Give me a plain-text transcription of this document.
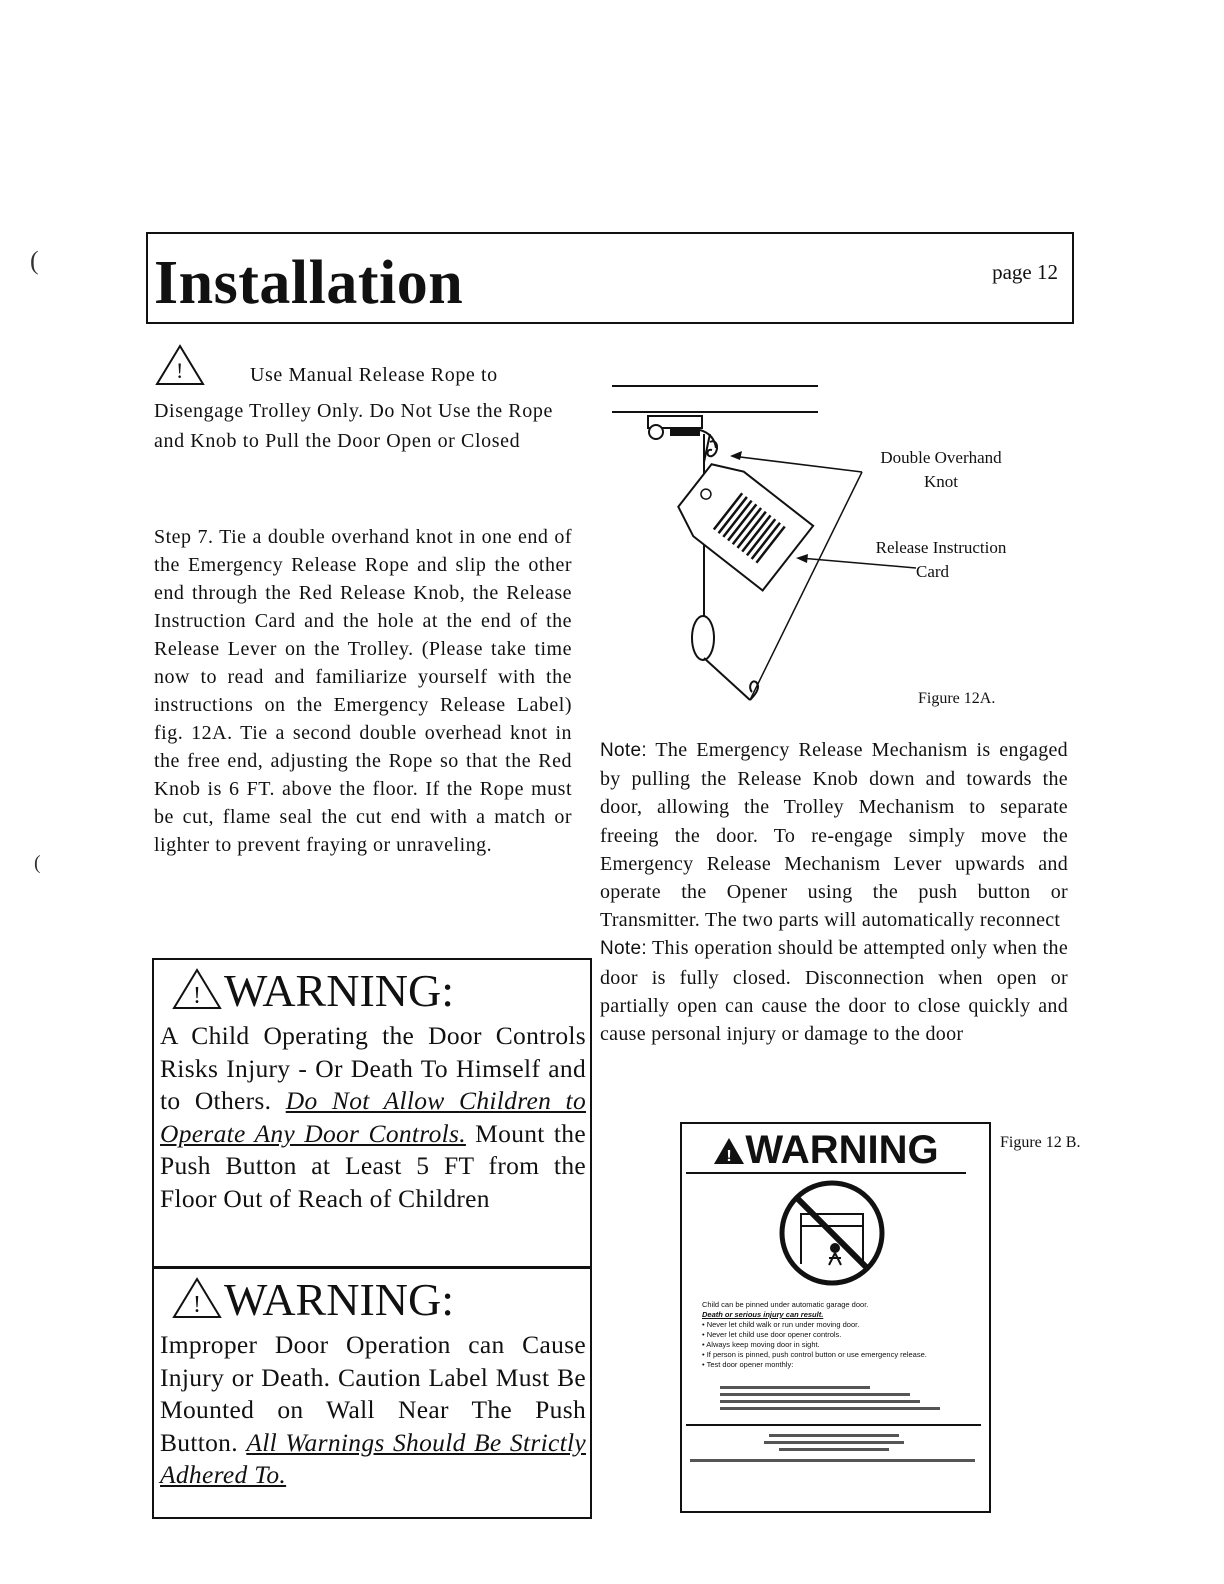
(
(
Installation	page 12
!	Use Manual Release Rope to Disengage Trolley Only. Do Not Use the Rope and Knob to Pull the Door Open or Closed
Step 7. Tie a double overhand knot in one end of the Emergency Release Rope and slip the other end through the Red Release Knob, the Release Instruction Card and the hole at the end of the Release Lever on the Trolley. (Please take time now to read and familiarize yourself with the instructions on the Emergency Release Label) fig. 12A. Tie a second double overhead knot in the free end, adjusting the Rope so that the Red Knob is 6 FT. above the floor. If the Rope must be cut, flame seal the cut end with a match or lighter to prevent fraying or unraveling.
! WARNING:
A Child Operating the Door Controls Risks Injury - Or Death To Himself and to Others. Do Not Allow Children to Operate Any Door Controls. Mount the Push Button at Least 5 FT from the Floor Out of Reach of Children
! WARNING:
Improper Door Operation can Cause Injury or Death. Caution Label Must Be Mounted on Wall Near The Push Button. All Warnings Should Be Strictly Adhered To.
Double Overhand
Knot
Release Instruction
Card
Figure 12A.
Note: The Emergency Release Mechanism is engaged by pulling the Release Knob down and towards the door, allowing the Trolley Mechanism to separate freeing the door. To re-engage simply move the Emergency Release Mechanism Lever upwards and operate the Opener using the push button or Transmitter. The two parts will automatically reconnect
Note: This operation should be attempted only when the door is fully closed. Disconnection when open or partially open can cause the door to close quickly and cause personal injury or damage to the door
! WARNING
Child can be pinned under automatic garage door.
Death or serious injury can result.
• Never let child walk or run under moving door.
• Never let child use door opener controls.
• Always keep moving door in sight.
• If person is pinned, push control button or use emergency release.
• Test door opener monthly:
Figure 12 B.
